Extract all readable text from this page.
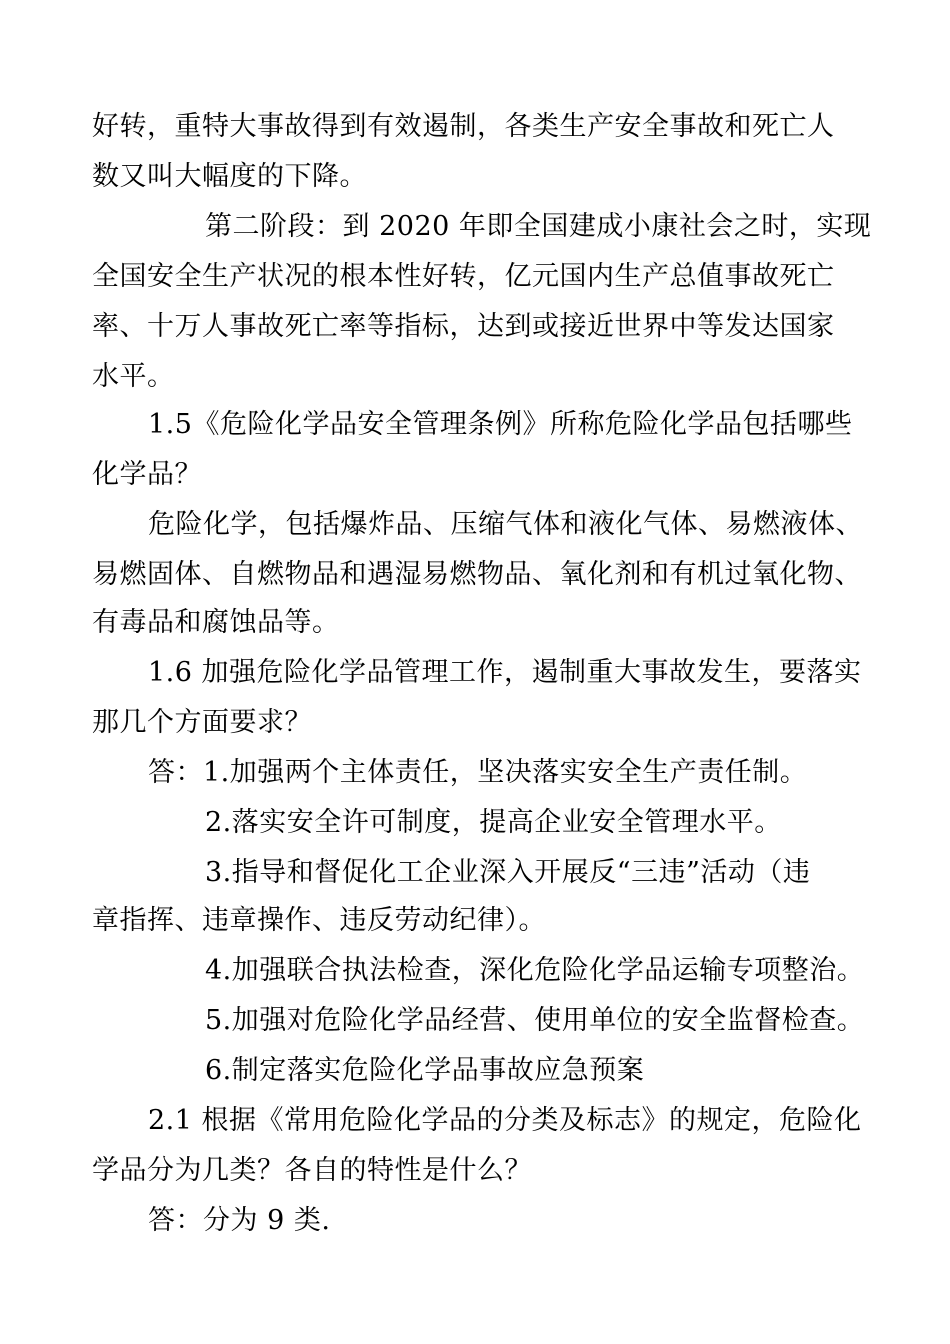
好转，重特大事故得到有效遏制，各类生产安全事故和死亡人
数又叫大幅度的下降。
第二阶段：到 2020 年即全国建成小康社会之时，实现
全国安全生产状况的根本性好转，亿元国内生产总值事故死亡
率、十万人事故死亡率等指标，达到或接近世界中等发达国家
水平。
1.5《危险化学品安全管理条例》所称危险化学品包括哪些
化学品？
危险化学，包括爆炸品、压缩气体和液化气体、易燃液体、
易燃固体、自燃物品和遇湿易燃物品、氧化剂和有机过氧化物、
有毒品和腐蚀品等。
1.6 加强危险化学品管理工作，遏制重大事故发生，要落实
那几个方面要求？
答：1.加强两个主体责任，坚决落实安全生产责任制。
2.落实安全许可制度，提高企业安全管理水平。
3.指导和督促化工企业深入开展反“三违”活动（违
章指挥、违章操作、违反劳动纪律）。
4.加强联合执法检查，深化危险化学品运输专项整治。
5.加强对危险化学品经营、使用单位的安全监督检查。
6.制定落实危险化学品事故应急预案
2.1 根据《常用危险化学品的分类及标志》的规定，危险化
学品分为几类？各自的特性是什么？
答：分为 9 类.
